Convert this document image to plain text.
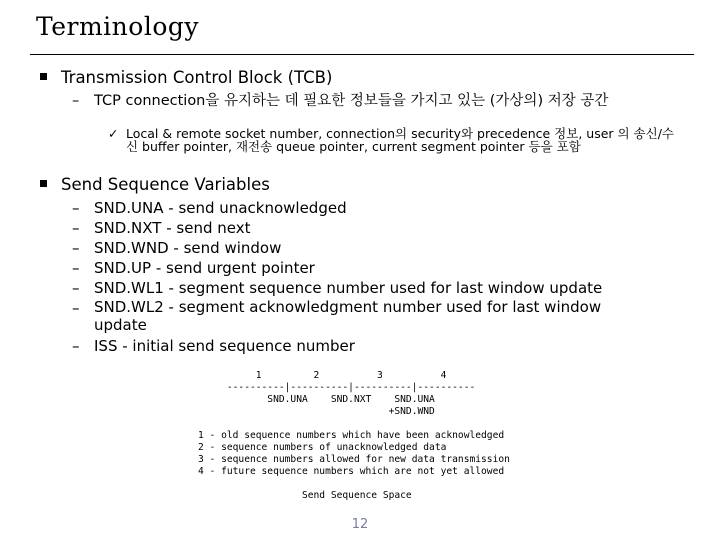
Terminology
Transmission Control Block (TCB)
– TCP connection을 유지하는 데 필요한 정보들을 가지고 있는 (가상의) 저장 공간
✓ Local & remote socket number, connection의 security와 precedence 정보, user 의 송신/수신 buffer pointer, 재전송 queue pointer, current segment pointer 등을 포함
Send Sequence Variables
– SND.UNA - send unacknowledged
– SND.NXT - send next
– SND.WND - send window
– SND.UP - send urgent pointer
– SND.WL1 - segment sequence number used for last window update
– SND.WL2 - segment acknowledgment number used for last window update
– ISS - initial send sequence number
1         2          3          4
----------|----------|----------|----------
SND.UNA    SND.NXT    SND.UNA
+SND.WND

1 - old sequence numbers which have been acknowledged
2 - sequence numbers of unacknowledged data
3 - sequence numbers allowed for new data transmission
4 - future sequence numbers which are not yet allowed

Send Sequence Space
12
